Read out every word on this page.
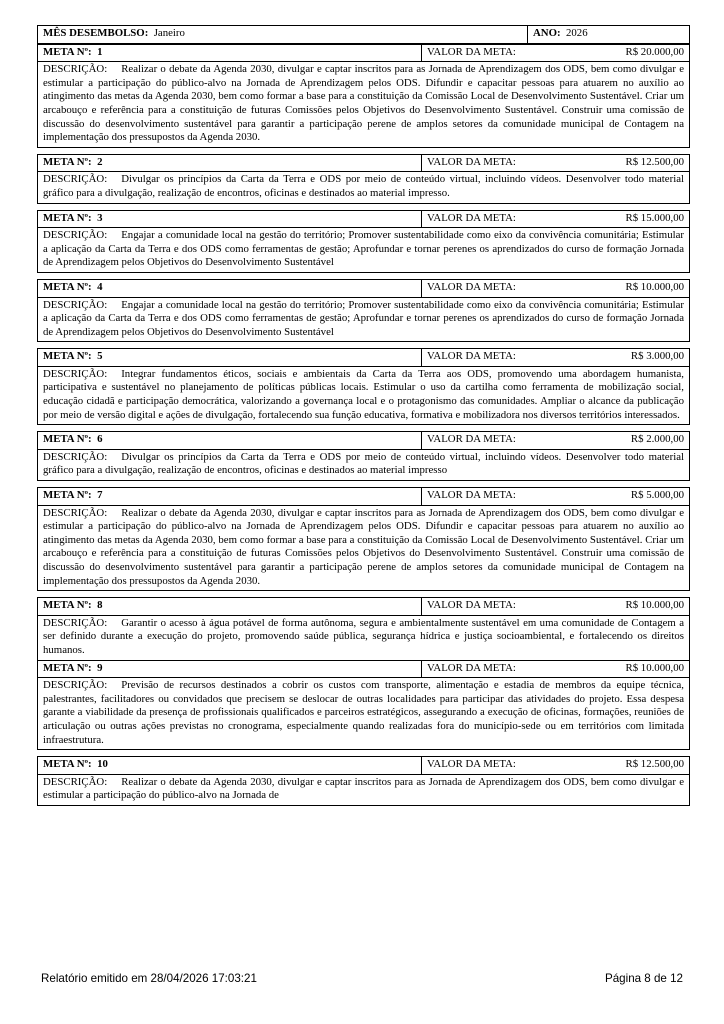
MÊS DESEMBOLSO: Janeiro	ANO: 2026
META Nº: 1	VALOR DA META: R$ 20.000,00

DESCRIÇÃO: Realizar o debate da Agenda 2030, divulgar e captar inscritos para as Jornada de Aprendizagem dos ODS, bem como divulgar e estimular a participação do público-alvo na Jornada de Aprendizagem pelos ODS. Difundir e capacitar pessoas para atuarem no auxílio ao atingimento das metas da Agenda 2030, bem como formar a base para a constituição da Comissão Local de Desenvolvimento Sustentável. Criar um arcabouço e referência para a constituição de futuras Comissões pelos Objetivos do Desenvolvimento Sustentável. Construir uma comissão de discussão do desenvolvimento sustentável para garantir a participação perene de amplos setores da comunidade municipal de Contagem na implementação dos pressupostos da Agenda 2030.	

META Nº: 2	VALOR DA META: R$ 12.500,00

DESCRIÇÃO: Divulgar os princípios da Carta da Terra e ODS por meio de conteúdo virtual, incluindo vídeos. Desenvolver todo material gráfico para a divulgação, realização de encontros, oficinas e destinados ao material impresso.	

META Nº: 3	VALOR DA META: R$ 15.000,00

DESCRIÇÃO: Engajar a comunidade local na gestão do território; Promover sustentabilidade como eixo da convivência comunitária; Estimular a aplicação da Carta da Terra e dos ODS como ferramentas de gestão; Aprofundar e tornar perenes os aprendizados do curso de formação Jornada de Aprendizagem pelos Objetivos do Desenvolvimento Sustentável	

META Nº: 4	VALOR DA META: R$ 10.000,00

DESCRIÇÃO: Engajar a comunidade local na gestão do território; Promover sustentabilidade como eixo da convivência comunitária; Estimular a aplicação da Carta da Terra e dos ODS como ferramentas de gestão; Aprofundar e tornar perenes os aprendizados do curso de formação Jornada de Aprendizagem pelos Objetivos do Desenvolvimento Sustentável	

META Nº: 5	VALOR DA META: R$ 3.000,00

DESCRIÇÃO: Integrar fundamentos éticos, sociais e ambientais da Carta da Terra aos ODS, promovendo uma abordagem humanista, participativa e sustentável no planejamento de políticas públicas locais. Estimular o uso da cartilha como ferramenta de mobilização social, educação cidadã e participação democrática, valorizando a governança local e o protagonismo das comunidades. Ampliar o alcance da publicação por meio de versão digital e ações de divulgação, fortalecendo sua função educativa, formativa e mobilizadora nos diversos territórios interessados.	

META Nº: 6	VALOR DA META: R$ 2.000,00

DESCRIÇÃO: Divulgar os princípios da Carta da Terra e ODS por meio de conteúdo virtual, incluindo vídeos. Desenvolver todo material gráfico para a divulgação, realização de encontros, oficinas e destinados ao material impresso	

META Nº: 7	VALOR DA META: R$ 5.000,00

DESCRIÇÃO: Realizar o debate da Agenda 2030, divulgar e captar inscritos para as Jornada de Aprendizagem dos ODS, bem como divulgar e estimular a participação do público-alvo na Jornada de Aprendizagem pelos ODS. Difundir e capacitar pessoas para atuarem no auxílio ao atingimento das metas da Agenda 2030, bem como formar a base para a constituição da Comissão Local de Desenvolvimento Sustentável. Criar um arcabouço e referência para a constituição de futuras Comissões pelos Objetivos do Desenvolvimento Sustentável. Construir uma comissão de discussão do desenvolvimento sustentável para garantir a participação perene de amplos setores da comunidade municipal de Contagem na implementação dos pressupostos da Agenda 2030.	

META Nº: 8	VALOR DA META: R$ 10.000,00

DESCRIÇÃO: Garantir o acesso à água potável de forma autônoma, segura e ambientalmente sustentável em uma comunidade de Contagem a ser definido durante a execução do projeto, promovendo saúde pública, segurança hídrica e justiça socioambiental, e fortalecendo os direitos humanos.	
META Nº: 9	VALOR DA META: R$ 10.000,00

DESCRIÇÃO: Previsão de recursos destinados a cobrir os custos com transporte, alimentação e estadia de membros da equipe técnica, palestrantes, facilitadores ou convidados que precisem se deslocar de outras localidades para participar das atividades do projeto. Essa despesa garante a viabilidade da presença de profissionais qualificados e parceiros estratégicos, assegurando a execução de oficinas, formações, reuniões de articulação ou outras ações previstas no cronograma, especialmente quando realizadas fora do município-sede ou em territórios com limitada infraestrutura.	

META Nº: 10	VALOR DA META: R$ 12.500,00

DESCRIÇÃO: Realizar o debate da Agenda 2030, divulgar e captar inscritos para as Jornada de Aprendizagem dos ODS, bem como divulgar e estimular a participação do público-alvo na Jornada de	
Relatório emitido em 28/04/2026 17:03:21	Página 8 de 12
